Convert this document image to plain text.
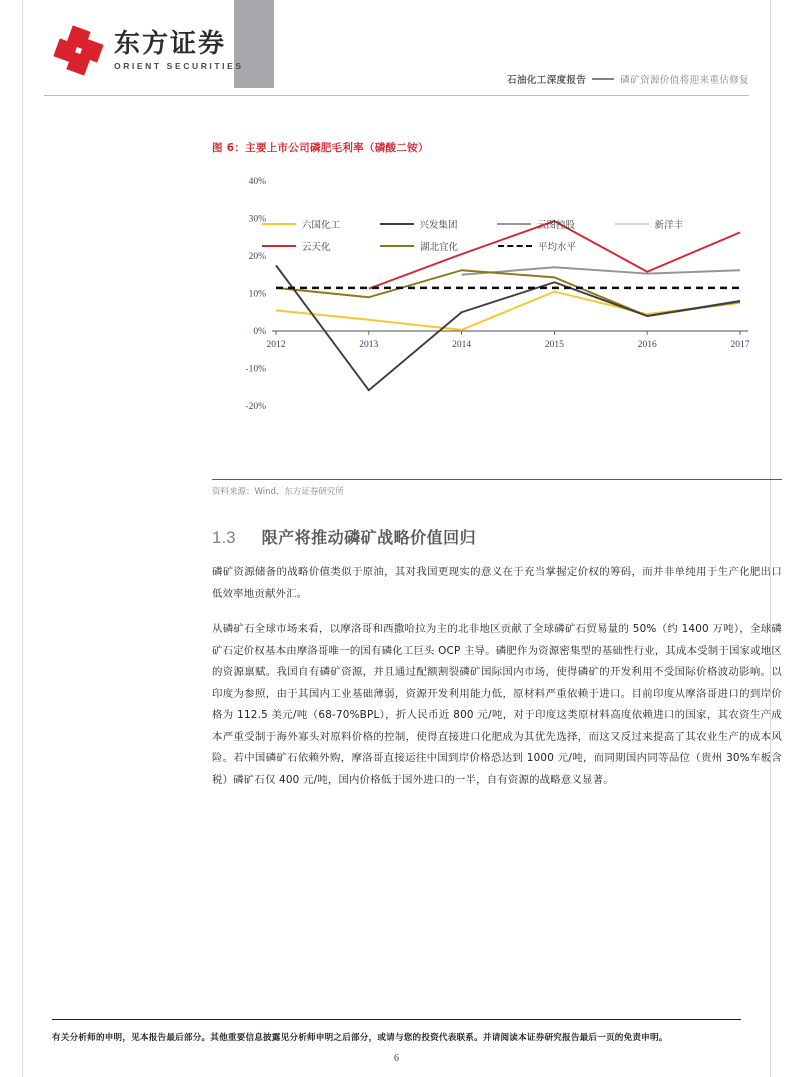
东方证券
ORIENT SECURITIES
石油化工深度报告	磷矿资源价值将迎来重估修复
图 6：主要上市公司磷肥毛利率（磷酸二铵）
40%
30%
20%
10%
0%
-10%
-20%
2012	2013	2014	2015	2016	2017
六国化工	兴发集团	云图控股	新洋丰
云天化	湖北宜化	平均水平
资料来源：Wind、东方证券研究所
1.3 限产将推动磷矿战略价值回归

磷矿资源储备的战略价值类似于原油，其对我国更现实的意义在于充当掌握定价权的筹码，而并非单纯用于生产化肥出口低效率地贡献外汇。

从磷矿石全球市场来看，以摩洛哥和西撒哈拉为主的北非地区贡献了全球磷矿石贸易量的 50%（约 1400 万吨），全球磷矿石定价权基本由摩洛哥唯一的国有磷化工巨头 OCP 主导。磷肥作为资源密集型的基础性行业，其成本受制于国家或地区的资源禀赋。我国自有磷矿资源，并且通过配额割裂磷矿国际国内市场，使得磷矿的开发利用不受国际价格波动影响。以印度为参照，由于其国内工业基础薄弱，资源开发利用能力低，原材料严重依赖于进口。目前印度从摩洛哥进口的到岸价格为 112.5 美元/吨（68-70%BPL），折人民币近 800 元/吨，对于印度这类原材料高度依赖进口的国家，其农资生产成本严重受制于海外寡头对原料价格的控制，使得直接进口化肥成为其优先选择，而这又反过来提高了其农业生产的成本风险。若中国磷矿石依赖外购，摩洛哥直接运往中国到岸价格恐达到 1000 元/吨，而同期国内同等品位（贵州 30%车板含税）磷矿石仅 400 元/吨，国内价格低于国外进口的一半，自有资源的战略意义显著。

有关分析师的申明，见本报告最后部分。其他重要信息披露见分析师申明之后部分，或请与您的投资代表联系。并请阅读本证券研究报告最后一页的免责申明。
6
